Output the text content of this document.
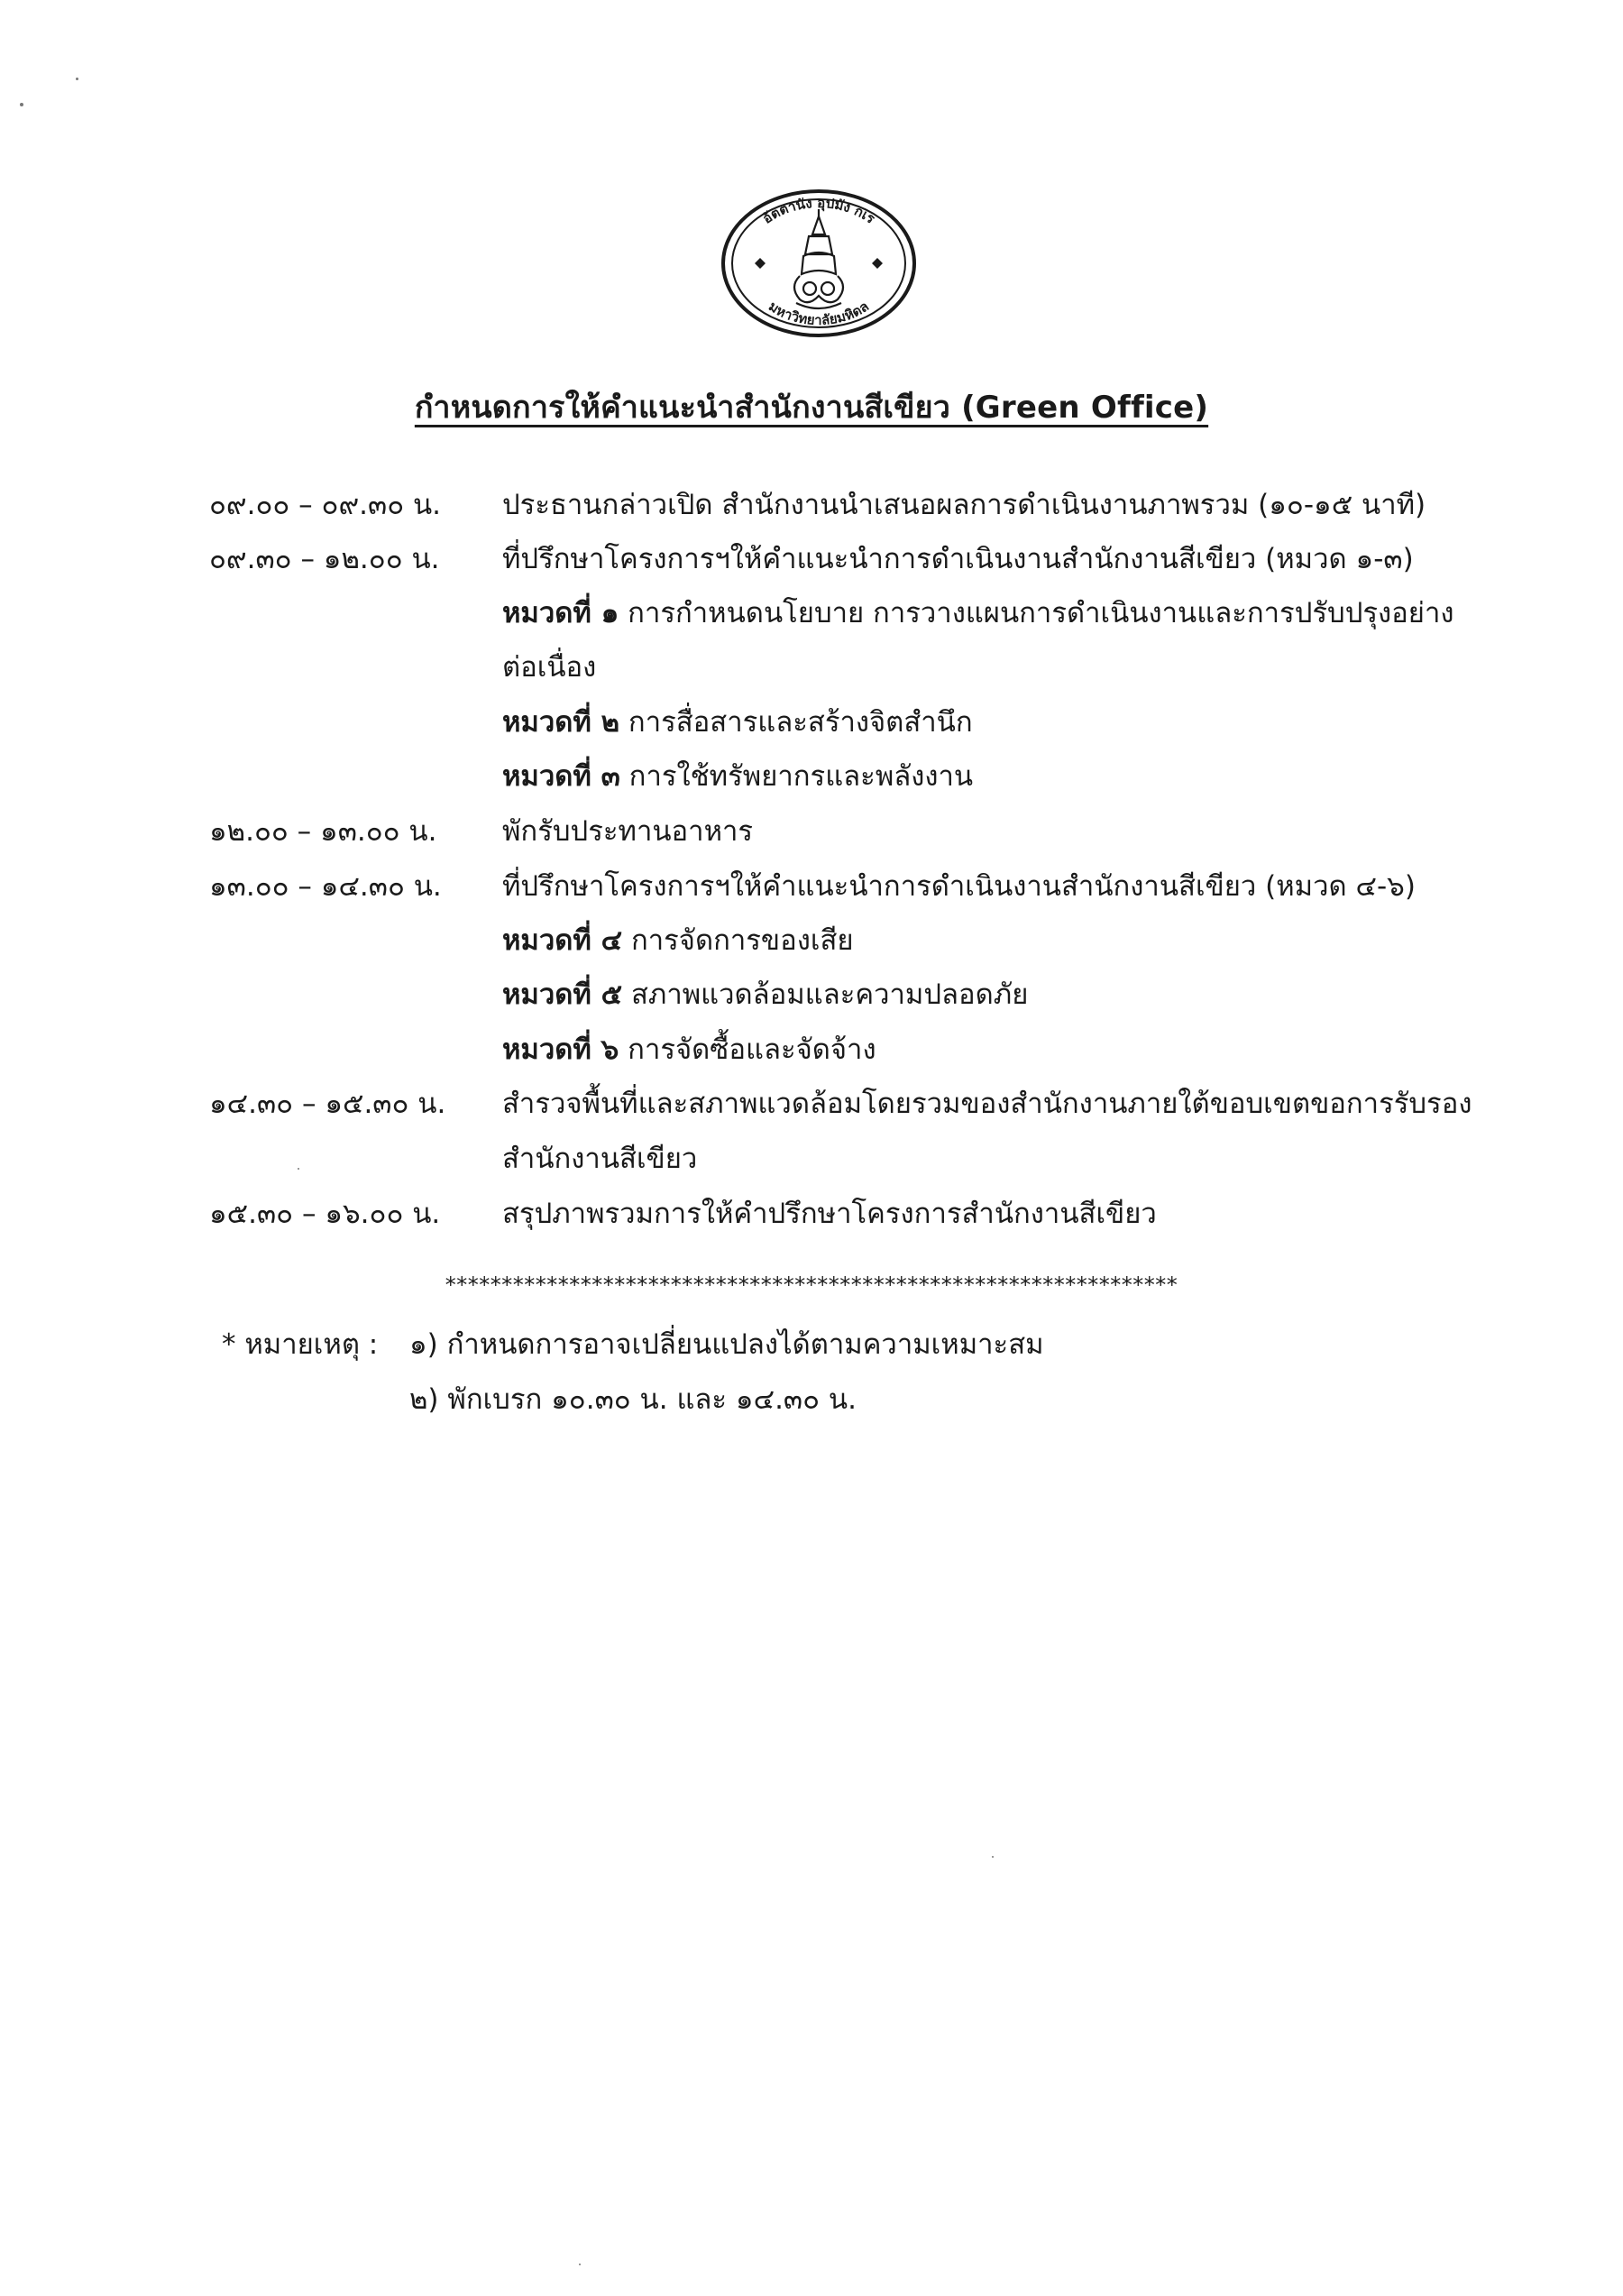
อัตตานัง อุปมัง กเร
มหาวิทยาลัยมหิดล
กำหนดการให้คำแนะนำสำนักงานสีเขียว (Green Office)
๐๙.๐๐ – ๐๙.๓๐ น.	ประธานกล่าวเปิด สำนักงานนำเสนอผลการดำเนินงานภาพรวม (๑๐-๑๕ นาที)
๐๙.๓๐ – ๑๒.๐๐ น.	ที่ปรึกษาโครงการฯให้คำแนะนำการดำเนินงานสำนักงานสีเขียว (หมวด ๑-๓)
หมวดที่ ๑ การกำหนดนโยบาย การวางแผนการดำเนินงานและการปรับปรุงอย่าง
ต่อเนื่อง
หมวดที่ ๒ การสื่อสารและสร้างจิตสำนึก
หมวดที่ ๓ การใช้ทรัพยากรและพลังงาน
๑๒.๐๐ – ๑๓.๐๐ น.	พักรับประทานอาหาร
๑๓.๐๐ – ๑๔.๓๐ น.	ที่ปรึกษาโครงการฯให้คำแนะนำการดำเนินงานสำนักงานสีเขียว (หมวด ๔-๖)
หมวดที่ ๔ การจัดการของเสีย
หมวดที่ ๕ สภาพแวดล้อมและความปลอดภัย
หมวดที่ ๖ การจัดซื้อและจัดจ้าง
๑๔.๓๐ – ๑๕.๓๐ น.	สำรวจพื้นที่และสภาพแวดล้อมโดยรวมของสำนักงานภายใต้ขอบเขตขอการรับรอง
สำนักงานสีเขียว
๑๕.๓๐ – ๑๖.๐๐ น.	สรุปภาพรวมการให้คำปรึกษาโครงการสำนักงานสีเขียว
*****************************************************************
* หมายเหตุ : ๑) กำหนดการอาจเปลี่ยนแปลงได้ตามความเหมาะสม
๒) พักเบรก ๑๐.๓๐ น. และ ๑๔.๓๐ น.
